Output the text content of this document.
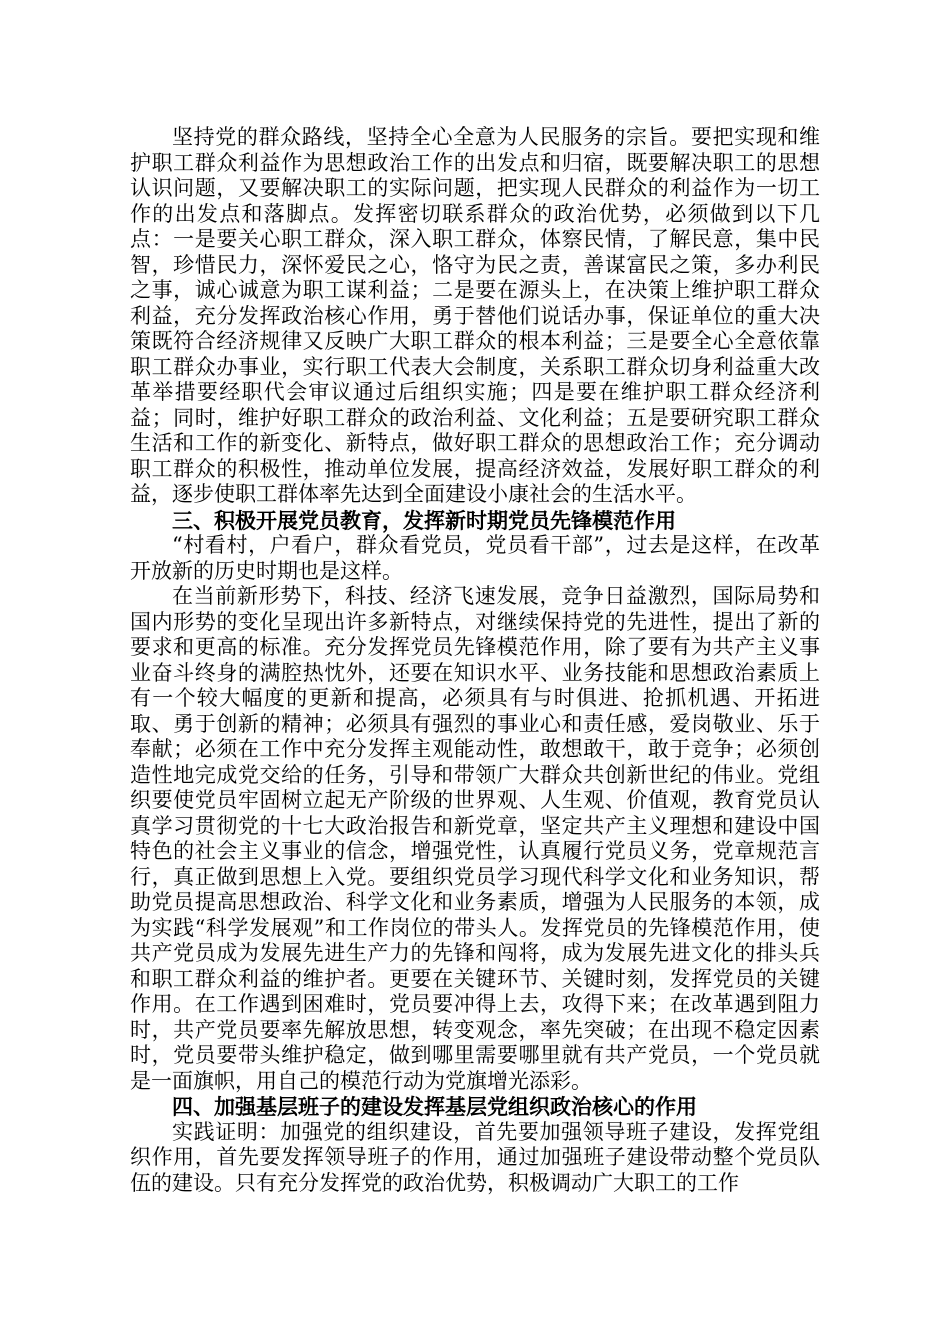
坚持党的群众路线，坚持全心全意为人民服务的宗旨。要把实现和维护职工群众利益作为思想政治工作的出发点和归宿，既要解决职工的思想认识问题，又要解决职工的实际问题，把实现人民群众的利益作为一切工作的出发点和落脚点。发挥密切联系群众的政治优势，必须做到以下几点：一是要关心职工群众，深入职工群众，体察民情，了解民意，集中民智，珍惜民力，深怀爱民之心，恪守为民之责，善谋富民之策，多办利民之事，诚心诚意为职工谋利益；二是要在源头上，在决策上维护职工群众利益，充分发挥政治核心作用，勇于替他们说话办事，保证单位的重大决策既符合经济规律又反映广大职工群众的根本利益；三是要全心全意依靠职工群众办事业，实行职工代表大会制度，关系职工群众切身利益重大改革举措要经职代会审议通过后组织实施；四是要在维护职工群众经济利益；同时，维护好职工群众的政治利益、文化利益；五是要研究职工群众生活和工作的新变化、新特点，做好职工群众的思想政治工作；充分调动职工群众的积极性，推动单位发展，提高经济效益，发展好职工群众的利益，逐步使职工群体率先达到全面建设小康社会的生活水平。

三、积极开展党员教育，发挥新时期党员先锋模范作用

“村看村，户看户，群众看党员，党员看干部”，过去是这样，在改革开放新的历史时期也是这样。

在当前新形势下，科技、经济飞速发展，竞争日益激烈，国际局势和国内形势的变化呈现出许多新特点，对继续保持党的先进性，提出了新的要求和更高的标准。充分发挥党员先锋模范作用，除了要有为共产主义事业奋斗终身的满腔热忱外，还要在知识水平、业务技能和思想政治素质上有一个较大幅度的更新和提高，必须具有与时俱进、抢抓机遇、开拓进取、勇于创新的精神；必须具有强烈的事业心和责任感，爱岗敬业、乐于奉献；必须在工作中充分发挥主观能动性，敢想敢干，敢于竞争；必须创造性地完成党交给的任务，引导和带领广大群众共创新世纪的伟业。党组织要使党员牢固树立起无产阶级的世界观、人生观、价值观，教育党员认真学习贯彻党的十七大政治报告和新党章，坚定共产主义理想和建设中国特色的社会主义事业的信念，增强党性，认真履行党员义务，党章规范言行，真正做到思想上入党。要组织党员学习现代科学文化和业务知识，帮助党员提高思想政治、科学文化和业务素质，增强为人民服务的本领，成为实践“科学发展观”和工作岗位的带头人。发挥党员的先锋模范作用，使共产党员成为发展先进生产力的先锋和闯将，成为发展先进文化的排头兵和职工群众利益的维护者。更要在关键环节、关键时刻，发挥党员的关键作用。在工作遇到困难时，党员要冲得上去，攻得下来；在改革遇到阻力时，共产党员要率先解放思想，转变观念，率先突破；在出现不稳定因素时，党员要带头维护稳定，做到哪里需要哪里就有共产党员，一个党员就是一面旗帜，用自己的模范行动为党旗增光添彩。

四、加强基层班子的建设发挥基层党组织政治核心的作用

实践证明：加强党的组织建设，首先要加强领导班子建设，发挥党组织作用，首先要发挥领导班子的作用，通过加强班子建设带动整个党员队伍的建设。只有充分发挥党的政治优势，积极调动广大职工的工作
